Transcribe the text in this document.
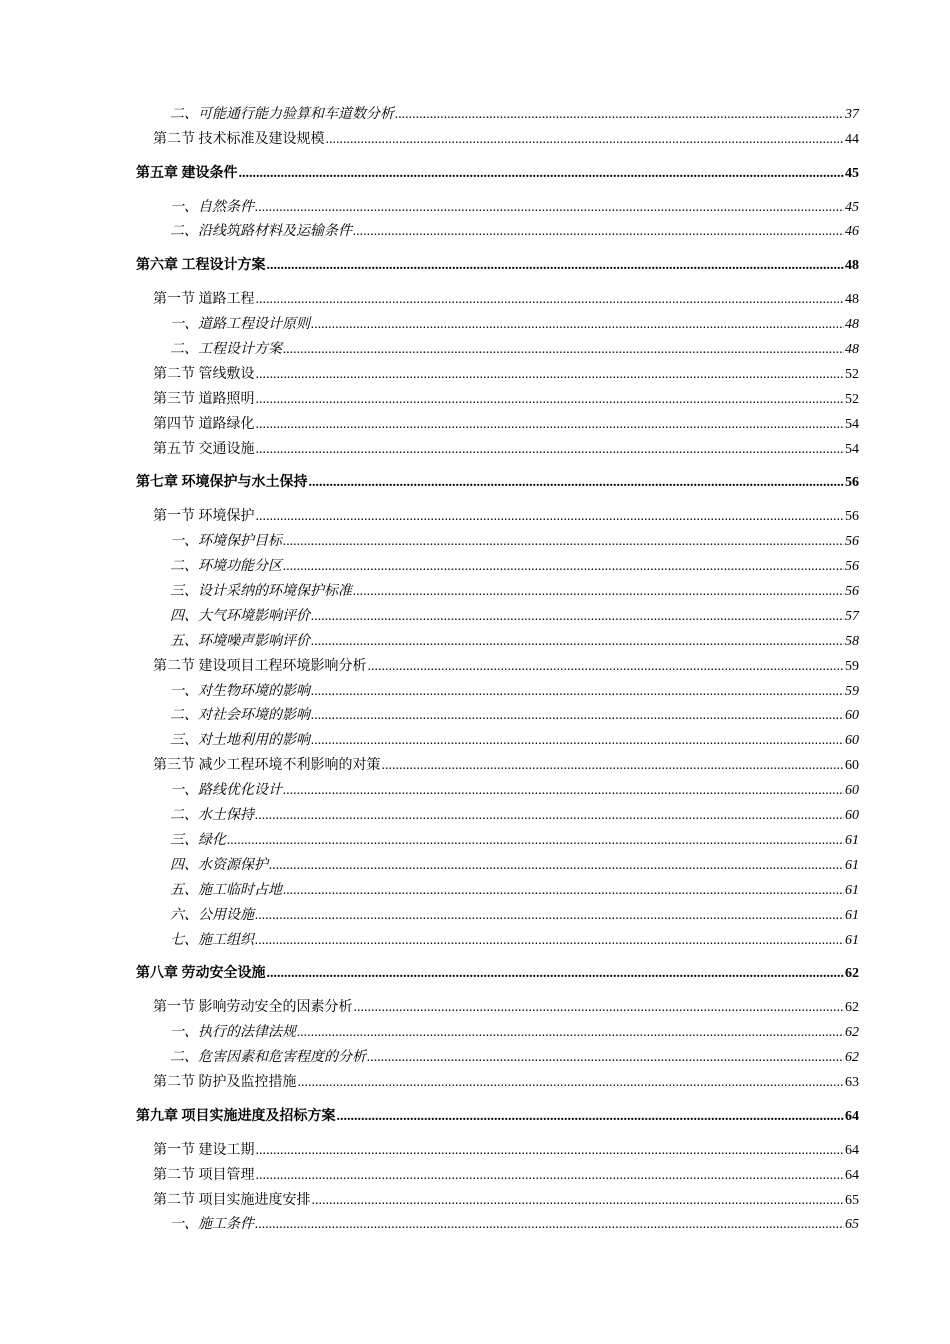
二、可能通行能力验算和车道数分析 .....	37
第二节 技术标准及建设规模 .....	44
第五章 建设条件 .....	45
一、自然条件 .....	45
二、沿线筑路材料及运输条件 .....	46
第六章 工程设计方案 .....	48
第一节 道路工程 .....	48
一、道路工程设计原则 .....	48
二、工程设计方案 .....	48
第二节 管线敷设 .....	52
第三节 道路照明 .....	52
第四节 道路绿化 .....	54
第五节 交通设施 .....	54
第七章 环境保护与水土保持 .....	56
第一节 环境保护 .....	56
一、环境保护目标 .....	56
二、环境功能分区 .....	56
三、设计采纳的环境保护标准 .....	56
四、大气环境影响评价 .....	57
五、环境噪声影响评价 .....	58
第二节 建设项目工程环境影响分析 .....	59
一、对生物环境的影响 .....	59
二、对社会环境的影响 .....	60
三、对土地利用的影响 .....	60
第三节 减少工程环境不利影响的对策 .....	60
一、路线优化设计 .....	60
二、水土保持 .....	60
三、绿化 .....	61
四、水资源保护 .....	61
五、施工临时占地 .....	61
六、公用设施 .....	61
七、施工组织 .....	61
第八章 劳动安全设施 .....	62
第一节 影响劳动安全的因素分析 .....	62
一、执行的法律法规 .....	62
二、危害因素和危害程度的分析 .....	62
第二节 防护及监控措施 .....	63
第九章 项目实施进度及招标方案 .....	64
第一节 建设工期 .....	64
第二节 项目管理 .....	64
第二节 项目实施进度安排 .....	65
一、施工条件 .....	65
